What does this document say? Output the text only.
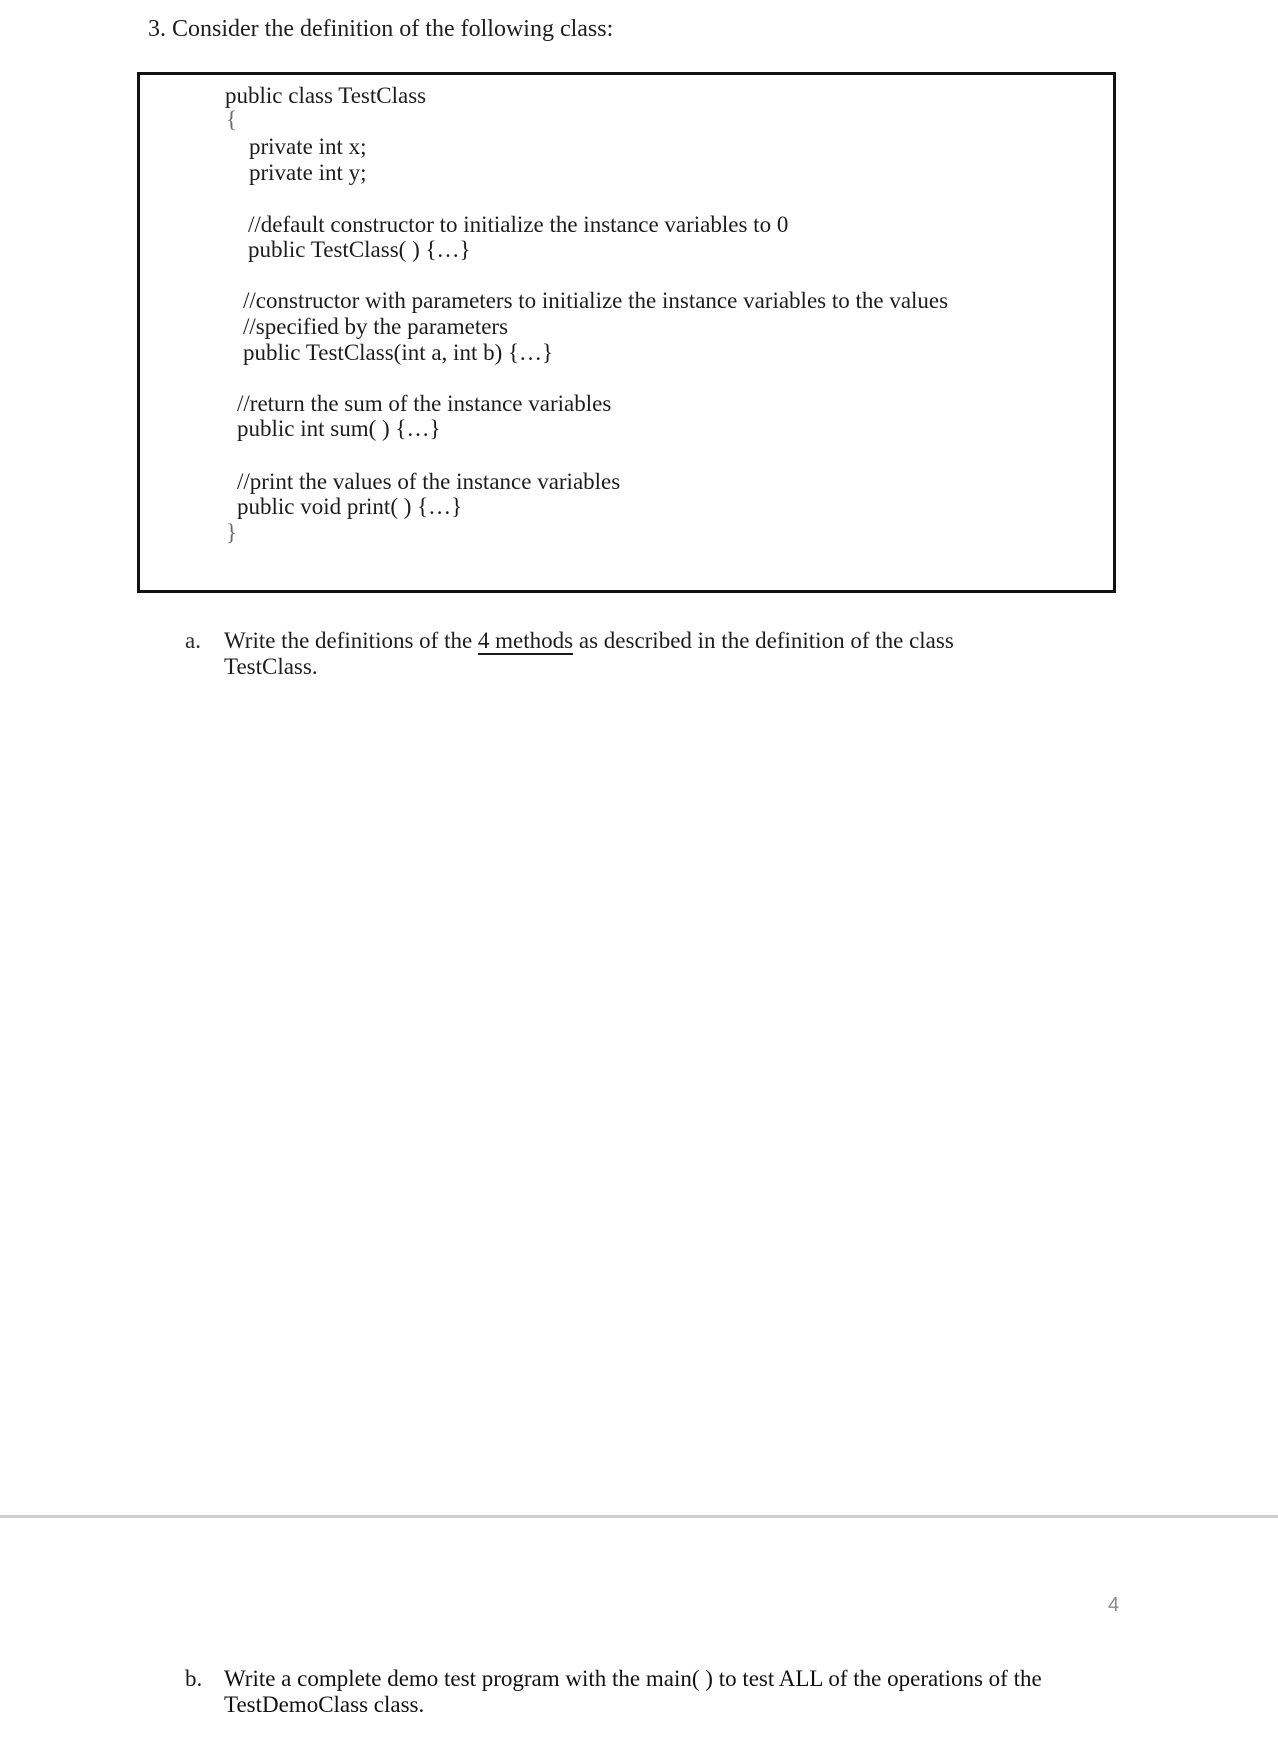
3. Consider the definition of the following class:
public class TestClass
{
private int x;
private int y;
//default constructor to initialize the instance variables to 0
public TestClass( ) {…}
//constructor with parameters to initialize the instance variables to the values
//specified by the parameters
public TestClass(int a, int b) {…}
//return the sum of the instance variables
public int sum( ) {…}
//print the values of the instance variables
public void print( ) {…}
}
a. Write the definitions of the 4 methods as described in the definition of the class
TestClass.
4
b. Write a complete demo test program with the main( ) to test ALL of the operations of the
TestDemoClass class.
